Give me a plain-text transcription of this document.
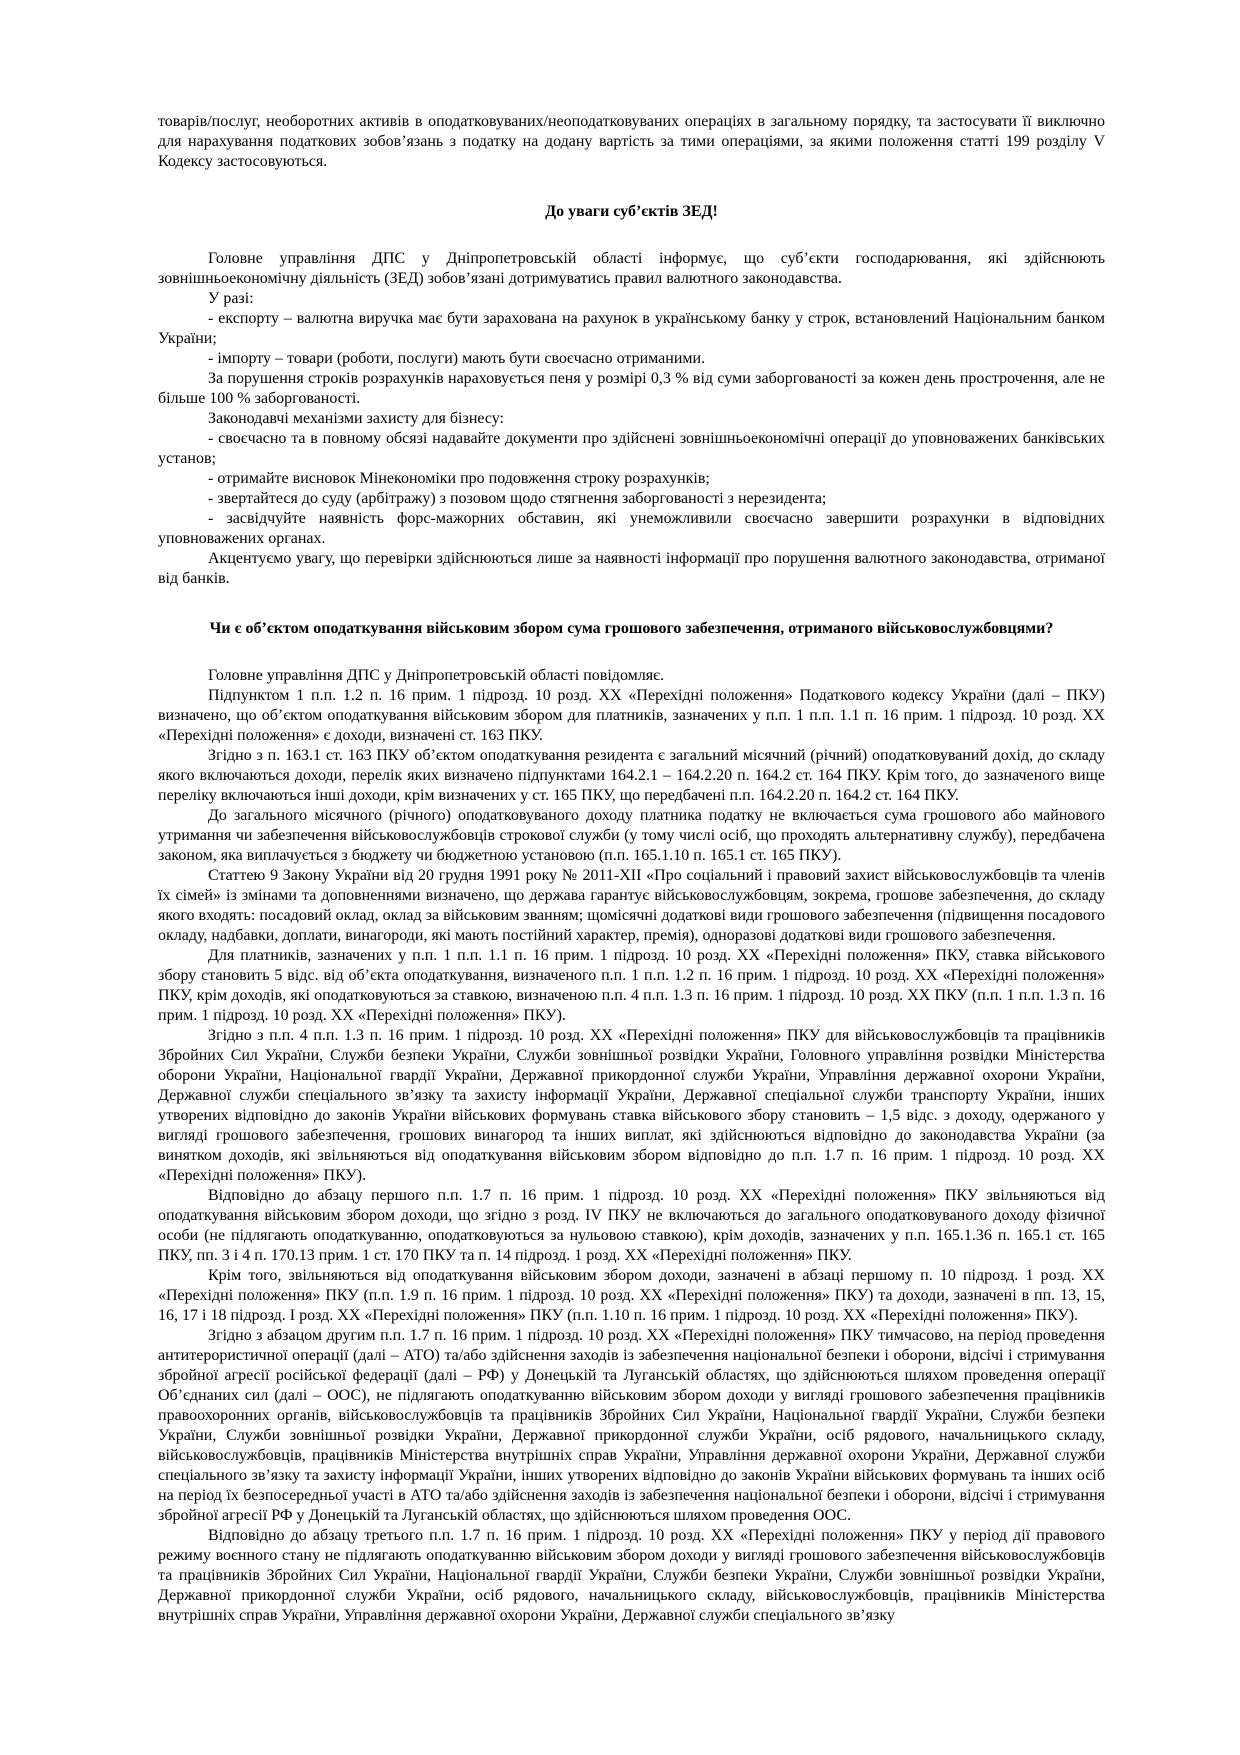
товарів/послуг, необоротних активів в оподатковуваних/неоподатковуваних операціях в загальному порядку, та застосувати її виключно для нарахування податкових зобов’язань з податку на додану вартість за тими операціями, за якими положення статті 199 розділу V Кодексу застосовуються.

До уваги суб’єктів ЗЕД!

Головне управління ДПС у Дніпропетровській області інформує, що суб’єкти господарювання, які здійснюють зовнішньоекономічну діяльність (ЗЕД) зобов’язані дотримуватись правил валютного законодавства.

У разі:

- експорту – валютна виручка має бути зарахована на рахунок в українському банку у строк, встановлений Національним банком України;

- імпорту – товари (роботи, послуги) мають бути своєчасно отриманими.

За порушення строків розрахунків нараховується пеня у розмірі 0,3 % від суми заборгованості за кожен день прострочення, але не більше 100 % заборгованості.

Законодавчі механізми захисту для бізнесу:

- своєчасно та в повному обсязі надавайте документи про здійснені зовнішньоекономічні операції до уповноважених банківських установ;

- отримайте висновок Мінекономіки про подовження строку розрахунків;

- звертайтеся до суду (арбітражу) з позовом щодо стягнення заборгованості з нерезидента;

- засвідчуйте наявність форс-мажорних обставин, які унеможливили своєчасно завершити розрахунки в відповідних уповноважених органах.

Акцентуємо увагу, що перевірки здійснюються лише за наявності інформації про порушення валютного законодавства, отриманої від банків.

Чи є об’єктом оподаткування військовим збором сума грошового забезпечення, отриманого військовослужбовцями?

Головне управління ДПС у Дніпропетровській області повідомляє.

Підпунктом 1 п.п. 1.2 п. 16 прим. 1 підрозд. 10 розд. XX «Перехідні положення» Податкового кодексу України (далі – ПКУ) визначено, що об’єктом оподаткування військовим збором для платників, зазначених у п.п. 1 п.п. 1.1 п. 16 прим. 1 підрозд. 10 розд. XX «Перехідні положення» є доходи, визначені ст. 163 ПКУ.

Згідно з п. 163.1 ст. 163 ПКУ об’єктом оподаткування резидента є загальний місячний (річний) оподатковуваний дохід, до складу якого включаються доходи, перелік яких визначено підпунктами 164.2.1 – 164.2.20 п. 164.2 ст. 164 ПКУ. Крім того, до зазначеного вище переліку включаються інші доходи, крім визначених у ст. 165 ПКУ, що передбачені п.п. 164.2.20 п. 164.2 ст. 164 ПКУ.

До загального місячного (річного) оподатковуваного доходу платника податку не включається сума грошового або майнового утримання чи забезпечення військовослужбовців строкової служби (у тому числі осіб, що проходять альтернативну службу), передбачена законом, яка виплачується з бюджету чи бюджетною установою (п.п. 165.1.10 п. 165.1 ст. 165 ПКУ).

Статтею 9 Закону України від 20 грудня 1991 року № 2011-XII «Про соціальний і правовий захист військовослужбовців та членів їх сімей» із змінами та доповненнями визначено, що держава гарантує військовослужбовцям, зокрема, грошове забезпечення, до складу якого входять: посадовий оклад, оклад за військовим званням; щомісячні додаткові види грошового забезпечення (підвищення посадового окладу, надбавки, доплати, винагороди, які мають постійний характер, премія), одноразові додаткові види грошового забезпечення.

Для платників, зазначених у п.п. 1 п.п. 1.1 п. 16 прим. 1 підрозд. 10 розд. XX «Перехідні положення» ПКУ, ставка військового збору становить 5 відс. від об’єкта оподаткування, визначеного п.п. 1 п.п. 1.2 п. 16 прим. 1 підрозд. 10 розд. XX «Перехідні положення» ПКУ, крім доходів, які оподатковуються за ставкою, визначеною п.п. 4 п.п. 1.3 п. 16 прим. 1 підрозд. 10 розд. XX ПКУ (п.п. 1 п.п. 1.3 п. 16 прим. 1 підрозд. 10 розд. XX «Перехідні положення» ПКУ).

Згідно з п.п. 4 п.п. 1.3 п. 16 прим. 1 підрозд. 10 розд. XX «Перехідні положення» ПКУ для військовослужбовців та працівників Збройних Сил України, Служби безпеки України, Служби зовнішньої розвідки України, Головного управління розвідки Міністерства оборони України, Національної гвардії України, Державної прикордонної служби України, Управління державної охорони України, Державної служби спеціального зв’язку та захисту інформації України, Державної спеціальної служби транспорту України, інших утворених відповідно до законів України військових формувань ставка військового збору становить – 1,5 відс. з доходу, одержаного у вигляді грошового забезпечення, грошових винагород та інших виплат, які здійснюються відповідно до законодавства України (за винятком доходів, які звільняються від оподаткування військовим збором відповідно до п.п. 1.7 п. 16 прим. 1 підрозд. 10 розд. XX «Перехідні положення» ПКУ).

Відповідно до абзацу першого п.п. 1.7 п. 16 прим. 1 підрозд. 10 розд. XX «Перехідні положення» ПКУ звільняються від оподаткування військовим збором доходи, що згідно з розд. IV ПКУ не включаються до загального оподатковуваного доходу фізичної особи (не підлягають оподаткуванню, оподатковуються за нульовою ставкою), крім доходів, зазначених у п.п. 165.1.36 п. 165.1 ст. 165 ПКУ, пп. 3 і 4 п. 170.13 прим. 1 ст. 170 ПКУ та п. 14 підрозд. 1 розд. XX «Перехідні положення» ПКУ.

Крім того, звільняються від оподаткування військовим збором доходи, зазначені в абзаці першому п. 10 підрозд. 1 розд. XX «Перехідні положення» ПКУ (п.п. 1.9 п. 16 прим. 1 підрозд. 10 розд. XX «Перехідні положення» ПКУ) та доходи, зазначені в пп. 13, 15, 16, 17 і 18 підрозд. I розд. XX «Перехідні положення» ПКУ (п.п. 1.10 п. 16 прим. 1 підрозд. 10 розд. XX «Перехідні положення» ПКУ).

Згідно з абзацом другим п.п. 1.7 п. 16 прим. 1 підрозд. 10 розд. XX «Перехідні положення» ПКУ тимчасово, на період проведення антитерористичної операції (далі – АТО) та/або здійснення заходів із забезпечення національної безпеки і оборони, відсічі і стримування збройної агресії російської федерації (далі – РФ) у Донецькій та Луганській областях, що здійснюються шляхом проведення операції Об’єднаних сил (далі – ООС), не підлягають оподаткуванню військовим збором доходи у вигляді грошового забезпечення працівників правоохоронних органів, військовослужбовців та працівників Збройних Сил України, Національної гвардії України, Служби безпеки України, Служби зовнішньої розвідки України, Державної прикордонної служби України, осіб рядового, начальницького складу, військовослужбовців, працівників Міністерства внутрішніх справ України, Управління державної охорони України, Державної служби спеціального зв’язку та захисту інформації України, інших утворених відповідно до законів України військових формувань та інших осіб на період їх безпосередньої участі в АТО та/або здійснення заходів із забезпечення національної безпеки і оборони, відсічі і стримування збройної агресії РФ у Донецькій та Луганській областях, що здійснюються шляхом проведення ООС.

Відповідно до абзацу третього п.п. 1.7 п. 16 прим. 1 підрозд. 10 розд. XX «Перехідні положення» ПКУ у період дії правового режиму воєнного стану не підлягають оподаткуванню військовим збором доходи у вигляді грошового забезпечення військовослужбовців та працівників Збройних Сил України, Національної гвардії України, Служби безпеки України, Служби зовнішньої розвідки України, Державної прикордонної служби України, осіб рядового, начальницького складу, військовослужбовців, працівників Міністерства внутрішніх справ України, Управління державної охорони України, Державної служби спеціального зв’язку
